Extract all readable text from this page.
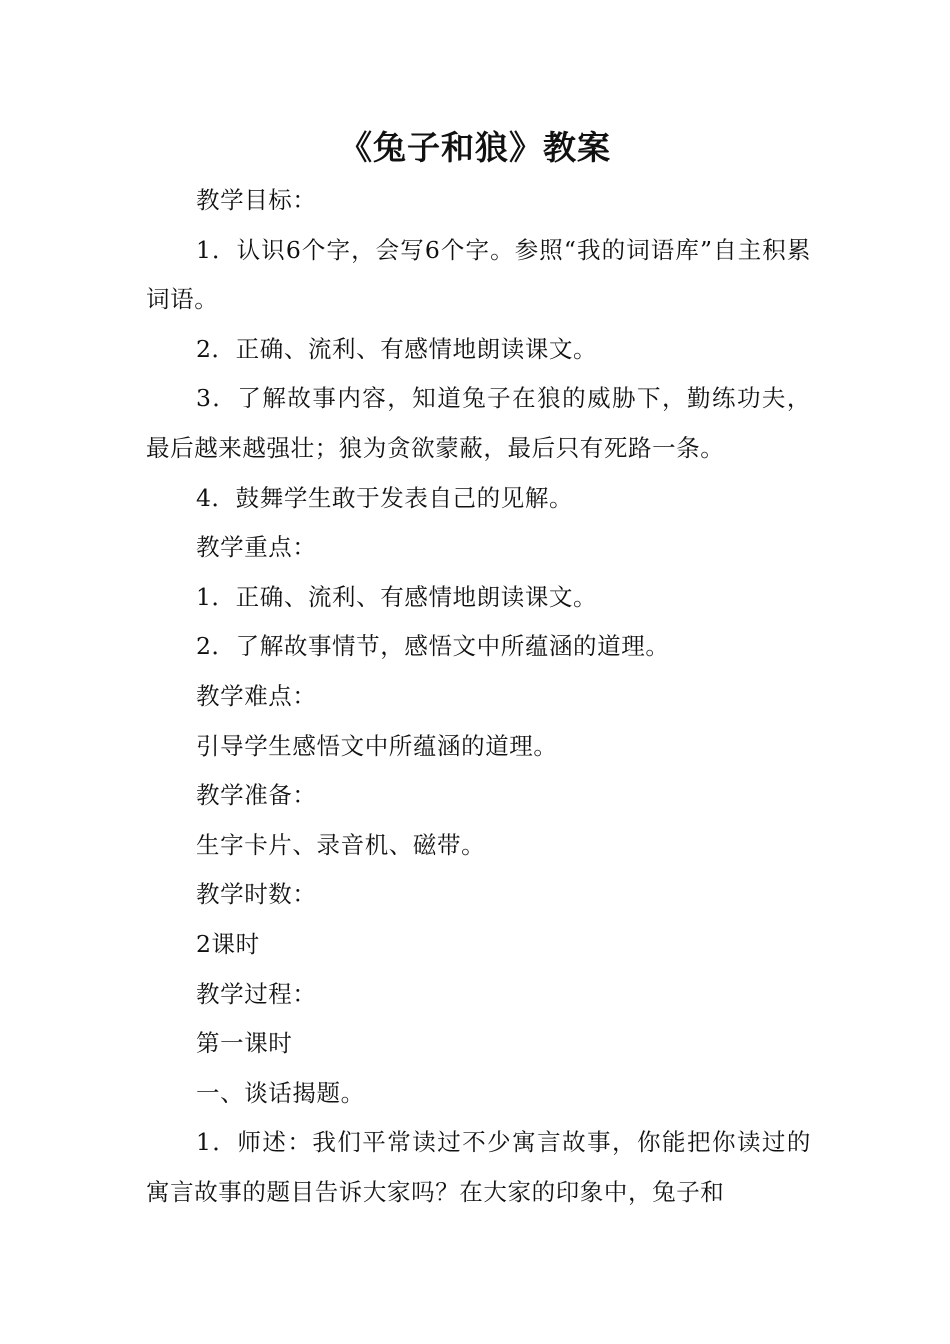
《兔子和狼》教案

教学目标：

1．认识6个字，会写6个字。参照“我的词语库”自主积累词语。

2．正确、流利、有感情地朗读课文。

3．了解故事内容，知道兔子在狼的威胁下，勤练功夫，最后越来越强壮；狼为贪欲蒙蔽，最后只有死路一条。

4．鼓舞学生敢于发表自己的见解。

教学重点：

1．正确、流利、有感情地朗读课文。

2．了解故事情节，感悟文中所蕴涵的道理。

教学难点：

引导学生感悟文中所蕴涵的道理。

教学准备：

生字卡片、录音机、磁带。

教学时数：

2课时

教学过程：

第一课时

一、谈话揭题。

1．师述：我们平常读过不少寓言故事，你能把你读过的寓言故事的题目告诉大家吗？在大家的印象中，兔子和
